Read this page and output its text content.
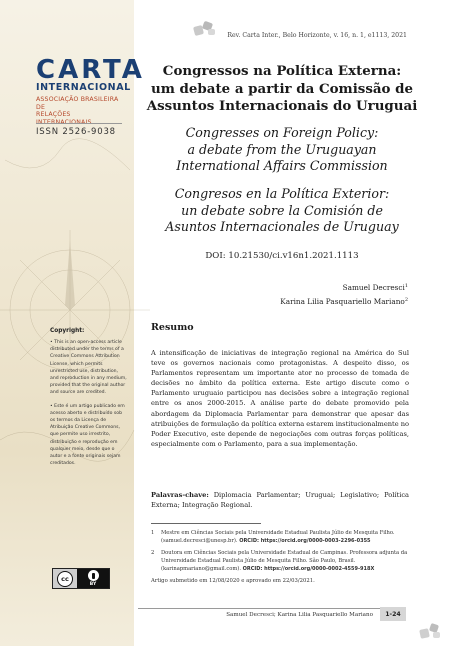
CARTA
INTERNACIONAL
ASSOCIAÇÃO BRASILEIRA DE
RELAÇÕES INTERNACIONAIS
ISSN 2526-9038
Copyright:
• This is an open-access article distributed under the terms of a Creative Commons Attribution License, which permits unrestricted use, distribution, and reproduction in any medium, provided that the original author and source are credited.
• Este é um artigo publicado em acesso aberto e distribuído sob os termos da Licença de Atribuição Creative Commons, que permite uso irrestrito, distribuição e reprodução em qualquer meio, desde que o autor e a fonte originais sejam creditados.
cc
BY
Rev. Carta Inter., Belo Horizonte, v. 16, n. 1, e1113, 2021
Congressos na Política Externa:
um debate a partir da Comissão de
Assuntos Internacionais do Uruguai
Congresses on Foreign Policy:
a debate from the Uruguayan
International Affairs Commission
Congresos en la Política Exterior:
un debate sobre la Comisión de
Asuntos Internacionales de Uruguay
DOI: 10.21530/ci.v16n1.2021.1113
Samuel Decresci$^1$
Karina Lilia Pasquariello Mariano$^2$
Resumo
A intensificação de iniciativas de integração regional na América do Sul teve os governos nacionais como protagonistas. A despeito disso, os Parlamentos representam um importante ator no processo de tomada de decisões no âmbito da política externa. Este artigo discute como o Parlamento uruguaio participou nas decisões sobre a integração regional entre os anos 2000-2015. A análise parte do debate promovido pela abordagem da Diplomacia Parlamentar para demonstrar que apesar das atribuições de formulação da política externa estarem institucionalmente no Poder Executivo, este depende de negociações com outras forças políticas, especialmente com o Parlamento, para a sua implementação.
Palavras-chave: Diplomacia Parlamentar; Uruguai; Legislativo; Política Externa; Integração Regional.
1	Mestre em Ciências Sociais pela Universidade Estadual Paulista Júlio de Mesquita Filho. (samuel.decresci@unesp.br). ORCID: https://orcid.org/0000-0003-2296-0355
2	Doutora em Ciências Sociais pela Universidade Estadual de Campinas. Professora adjunta da Universidade Estadual Paulista Júlio de Mesquita Filho. São Paulo, Brasil. (karinapmariano@gmail.com). ORCID: https://orcid.org/0000-0002-4559-918X
Artigo submetido em 12/08/2020 e aprovado em 22/03/2021.
Samuel Decresci; Karina Lilia Pasquariello Mariano	1-24
